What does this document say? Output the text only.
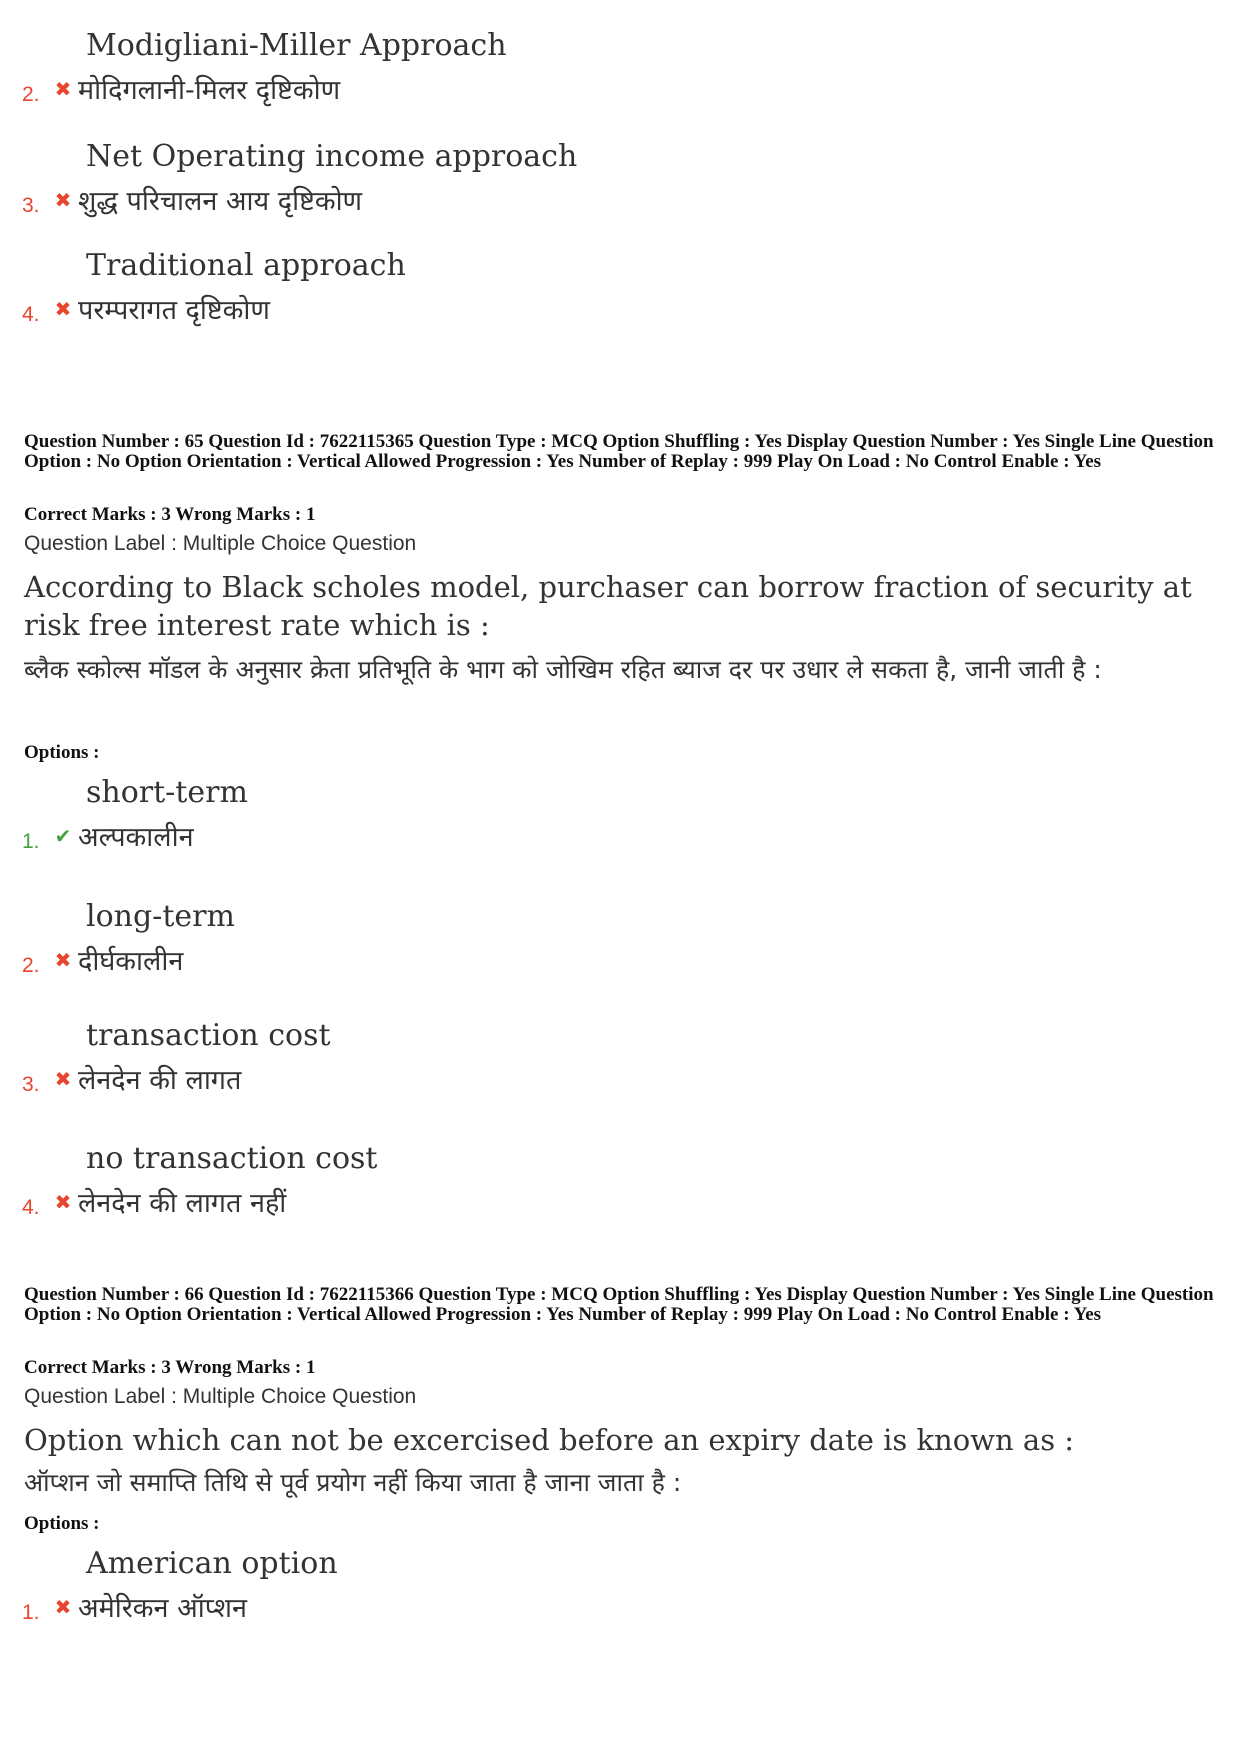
Modigliani-Miller Approach
2. ✖ मोदिगलानी-मिलर दृष्टिकोण
Net Operating income approach
3. ✖ शुद्ध परिचालन आय दृष्टिकोण
Traditional approach
4. ✖ परम्परागत दृष्टिकोण
Question Number : 65 Question Id : 7622115365 Question Type : MCQ Option Shuffling : Yes Display Question Number : Yes Single Line Question Option : No Option Orientation : Vertical Allowed Progression : Yes Number of Replay : 999 Play On Load : No Control Enable : Yes
Correct Marks : 3 Wrong Marks : 1
Question Label : Multiple Choice Question
According to Black scholes model, purchaser can borrow fraction of security at risk free interest rate which is :
ब्लैक स्कोल्स मॉडल के अनुसार क्रेता प्रतिभूति के भाग को जोखिम रहित ब्याज दर पर उधार ले सकता है, जानी जाती है :
Options :
short-term
1. ✔ अल्पकालीन
long-term
2. ✖ दीर्घकालीन
transaction cost
3. ✖ लेनदेन की लागत
no transaction cost
4. ✖ लेनदेन की लागत नहीं
Question Number : 66 Question Id : 7622115366 Question Type : MCQ Option Shuffling : Yes Display Question Number : Yes Single Line Question Option : No Option Orientation : Vertical Allowed Progression : Yes Number of Replay : 999 Play On Load : No Control Enable : Yes
Correct Marks : 3 Wrong Marks : 1
Question Label : Multiple Choice Question
Option which can not be excercised before an expiry date is known as :
ऑप्शन जो समाप्ति तिथि से पूर्व प्रयोग नहीं किया जाता है जाना जाता है :
Options :
American option
1. ✖ अमेरिकन ऑप्शन
